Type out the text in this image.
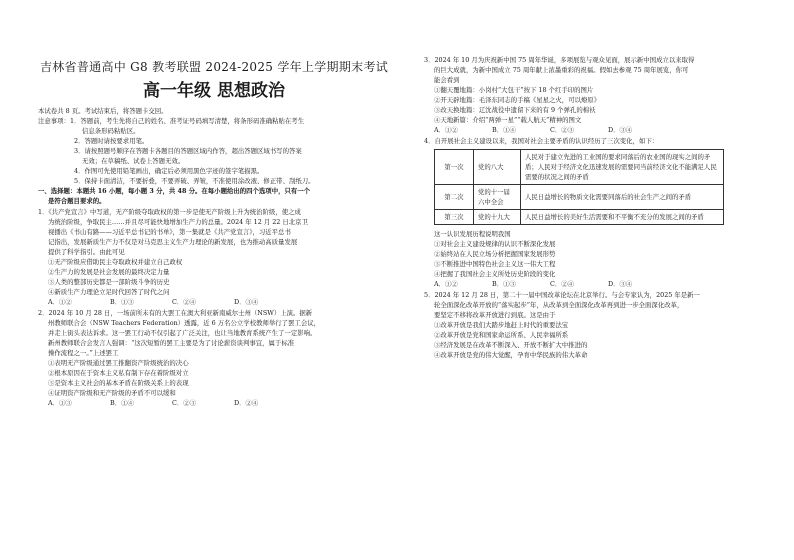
吉林省普通高中 G8 教考联盟 2024-2025 学年上学期期末考试
高一年级 思想政治

本试卷共 8 页。考试结束后，将答题卡交回。

注意事项： 1．答题前，考生先将自己的姓名、准考证号码填写清楚，将条形码准确粘贴在考生

信息条形码粘贴区。

2．答题时请按要求用笔。

3．请按照题号顺序在答题卡各题目的答题区域内作答，超出答题区域书写的答案

无效；在草稿纸、试卷上答题无效。

4．作图可先使用铅笔画出，确定后必须用黑色字迹的签字笔描黑。

5．保持卡面清洁，不要折叠，不要弄破、弄皱，不准使用涂改液、修正带、刮纸刀。

一、选择题：本题共 16 小题，每小题 3 分，共 48 分。在每小题给出的四个选项中，只有一个

是符合题目要求的。

1．《共产党宣言》中写道，无产阶级夺取政权的第一步是使无产阶级上升为统治阶级，使之成

为统治阶级，争取民主……并且尽可能快地增加生产力的总量。2024 年 12 月 22 日北京卫

视播出《书山有路——习近平总书记的书单》，第一集就是《共产党宣言》，习近平总书

记指出，发展新质生产力不仅是对马克思主义生产力理论的新发展，也为推动高质量发展

提供了科学指引。由此可见

①无产阶级应借助民主夺取政权并建立自己政权

②生产力的发展是社会发展的最终决定力量

③人类的整部历史都是一部阶级斗争的历史

④新质生产力理论立足时代回答了时代之问

A．①②	B．①③	C．②④	D．③④

2．2024 年 10 月 28 日，一场前所未有的大罢工在澳大利亚新南威尔士州（NSW）上演。据新

州教师联合会（NSW Teachers Federation）透露，近 6 万名公立学校教师举行了罢工会议，

并走上街头表达诉求。这一罢工行动不仅引起了广泛关注，也让当地教育系统产生了一定影响。

新州教师联合会发言人强调：“这次短暂的罢工主要是为了讨论薪资谈判事宜，属于标准

操作流程之一。”上述罢工

①表明无产阶级通过罢工推翻资产阶级统治的决心

②根本原因在于资本主义私有制下存在着阶级对立

③是资本主义社会的基本矛盾在阶级关系上的表现

④证明资产阶级和无产阶级的矛盾不可以缓和

A．①③	B．①④	C．②③	D．②④

3．2024 年 10 月为庆祝新中国 75 周年华诞，多项展览与观众见面，展示新中国成立以来取得

的巨大成就，为新中国成立 75 周年献上浓墨重彩的祝福。假如去参观 75 周年展览，你可

能会看到

①翻天覆地篇：小岗村“大包干”按下 18 个红手印的图片

②开天辟地篇：毛泽东同志的手稿《星星之火，可以燎原》

③改天换地篇：辽沈战役中遗留下来的有 9 个弹孔的棉袄

④天地新篇：介绍“两弹一星”“载人航天”精神的图文

A．①②	B．①④	C．②③	D．③④

4．自开展社会主义建设以来，我国对社会主要矛盾的认识经历了三次变化，如下：

第一次	党的八大	人民对于建立先进的工业国的要求同落后的农业国的现实之间的矛盾；人民对于经济文化迅速发展的需要同当前经济文化不能满足人民需要的状况之间的矛盾
第二次	党的十一届六中全会	人民日益增长的物质文化需要同落后的社会生产之间的矛盾
第三次	党的十九大	人民日益增长的美好生活需要和不平衡不充分的发展之间的矛盾

这一认识发展历程说明我国

①对社会主义建设规律的认识不断深化发展

②始终站在人民立场分析把握国家发展形势

③不断推进中国特色社会主义这一伟大工程

④把握了我国社会主义所处历史阶段的变化

A．①②	B．①③	C．②④	D．③④

5．2024 年 12 月 28 日，第二十一届中国改革论坛在北京举行。与会专家认为，2025 年是新一

轮全面深化改革开放的“落实起步”年，从改革到全面深化改革再到进一步全面深化改革，

要坚定不移将改革开放进行到底。这是由于

①改革开放是我们大踏步地赶上时代的重要法宝

②改革开放是党和国家命运所系、人民幸福所系

③经济发展是在改革不断深入、开放不断扩大中推进的

④改革开放是党的伟大觉醒，孕育中华民族的伟大革命
